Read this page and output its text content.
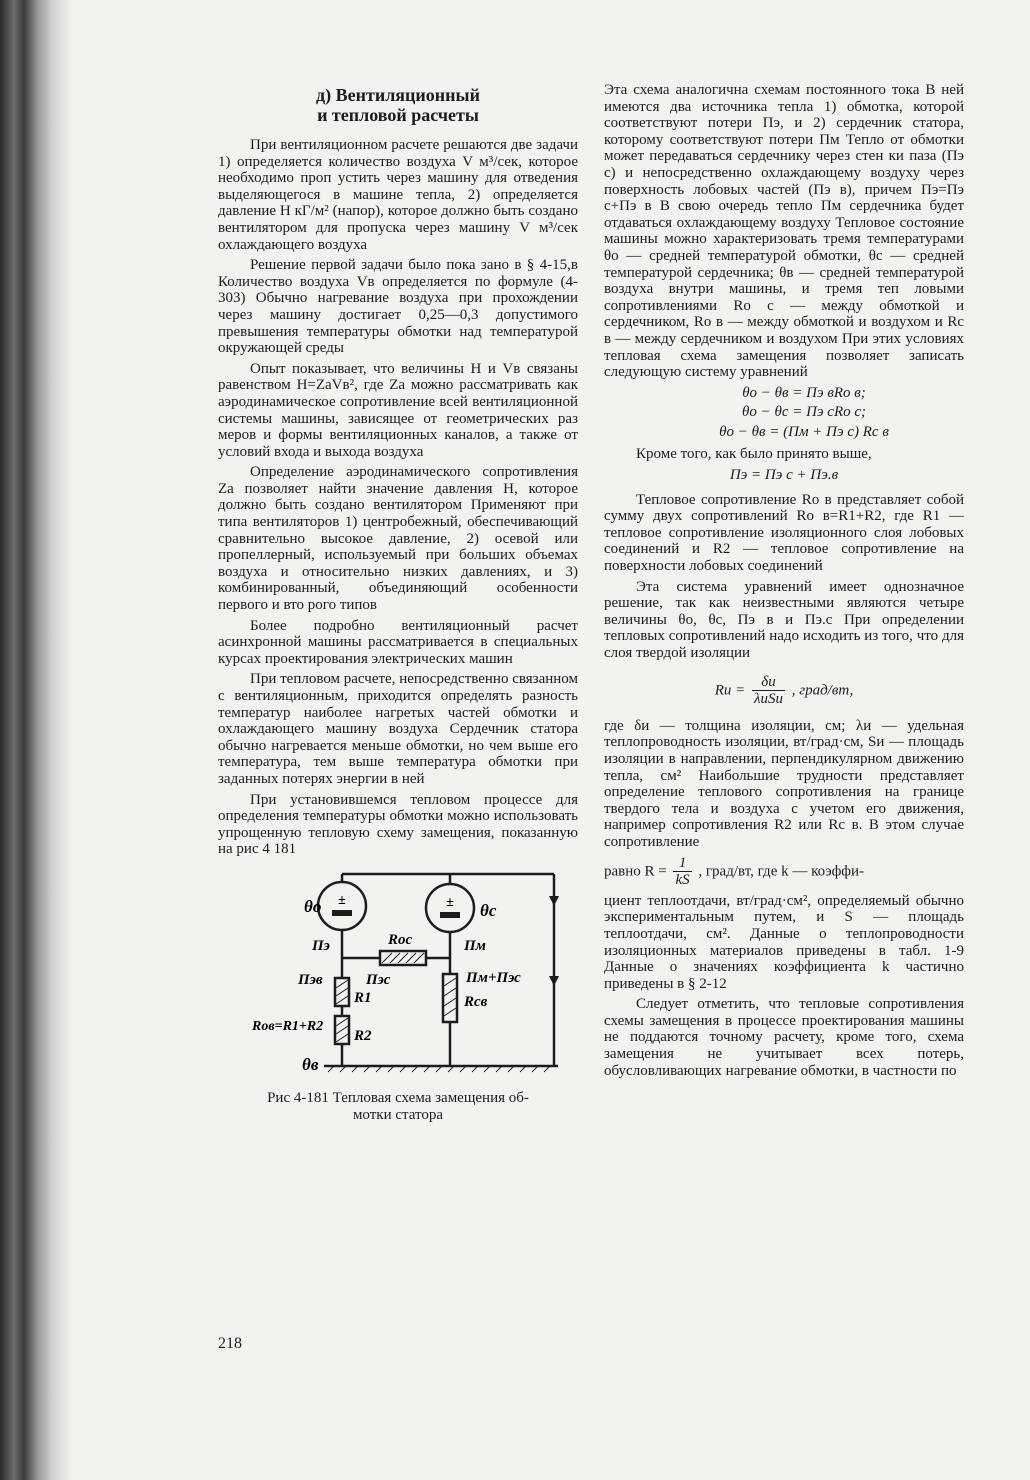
д) Вентиляционный
и тепловой расчеты

При вентиляционном расчете решаются две задачи 1) определяется количество воздуха V м³/сек, которое необходимо проп устить через машину для отведения выделяющегося в машине тепла, 2) определяется давление H кГ/м² (напор), которое должно быть создано вентилятором для пропуска через машину V м³/сек охлаждающего воздуха

Решение первой задачи было пока зано в § 4-15,в Количество воздуха Vв определяется по формуле (4-303) Обычно нагревание воздуха при прохождении через машину достигает 0,25—0,3 допустимого превышения температуры обмотки над температурой окружающей среды

Опыт показывает, что величины H и Vв связаны равенством H=ZаVв², где Zа можно рассматривать как аэродинамическое сопротивление всей вентиляционной системы машины, зависящее от геометрических раз меров и формы вентиляционных каналов, а также от условий входа и выхода воздуха

Определение аэродинамического сопротивления Zа позволяет найти значение давления H, которое должно быть создано вентилятором Применяют при типа вентиляторов 1) центробежный, обеспечивающий сравнительно высокое давление, 2) осевой или пропеллерный, используемый при больших объемах воздуха и относительно низких давлениях, и 3) комбинированный, объединяющий особенности первого и вто рого типов

Более подробно вентиляционный расчет асинхронной машины рассматривается в специальных курсах проектирования электрических машин

При тепловом расчете, непосредственно связанном с вентиляционным, приходится определять разность температур наиболее нагретых частей обмотки и охлаждающего машину воздуха Сердечник статора обычно нагревается меньше обмотки, но чем выше его температура, тем выше температура обмотки при заданных потерях энергии в ней

При установившемся тепловом процессе для определения температуры обмотки можно использовать упрощенную тепловую схему замещения, показанную на рис 4 181

±	±
θо	θс
Пэ	Пм
Rос
Пэс
Пэв	Пм+Пэс
R1
R2
Rов=R1+R2
Rсв
θв
Рис 4-181 Тепловая схема замещения об-
мотки статора

Эта схема аналогична схемам постоянного тока В ней имеются два источника тепла 1) обмотка, которой соответствуют потери Пэ, и 2) сердечник статора, которому соответствуют потери Пм Тепло от обмотки может передаваться сердечнику через стен ки паза (Пэ с) и непосредственно охлаждающему воздуху через поверхность лобовых частей (Пэ в), причем Пэ=Пэ с+Пэ в В свою очередь тепло Пм сердечника будет отдаваться охлаждающему воздуху Тепловое состояние машины можно характеризовать тремя температурами θо — средней температурой обмотки, θс — средней температурой сердечника; θв — средней температурой воздуха внутри машины, и тремя теп ловыми сопротивлениями Rо с — между обмоткой и сердечником, Rо в — между обмоткой и воздухом и Rс в — между сердечником и воздухом При этих условиях тепловая схема замещения позволяет записать следующую систему уравнений

θо − θв = Пэ вRо в;
θо − θс = Пэ сRо с;
θо − θв = (Пм + Пэ с) Rс в

Кроме того, как было принято выше,

Пэ = Пэ с + Пэ.в

Тепловое сопротивление Rо в представляет собой сумму двух сопротивлений Rо в=R1+R2, где R1 — тепловое сопротивление изоляционного слоя лобовых соединений и R2 — тепловое сопротивление на поверхности лобовых соединений

Эта система уравнений имеет однозначное решение, так как неизвестными являются четыре величины θо, θс, Пэ в и Пэ.с При определении тепловых сопротивлений надо исходить из того, что для слоя твердой изоляции

Rи =
δи
λиSи
, град/вт,

где δи — толщина изоляции, см; λи — удельная теплопроводность изоляции, вт/град·см, Sи — площадь изоляции в направлении, перпендикулярном движению тепла, см² Наибольшие трудности представляет определение теплового сопротивления на границе твердого тела и воздуха с учетом его движения, например сопротивления R2 или Rс в. В этом случае сопротивление

равно $R = \frac{1}{kS}$ , град/вт, где k — коэффи-

циент теплоотдачи, вт/град·см², определяемый обычно экспериментальным путем, и S — площадь теплоотдачи, см². Данные о теплопроводности изоляционных материалов приведены в табл. 1-9 Данные о значениях коэффициента k частично приведены в § 2-12

Следует отметить, что тепловые сопротивления схемы замещения в процессе проектирования машины не поддаются точному расчету, кроме того, схема замещения не учитывает всех потерь, обусловливающих нагревание обмотки, в частности по

218
